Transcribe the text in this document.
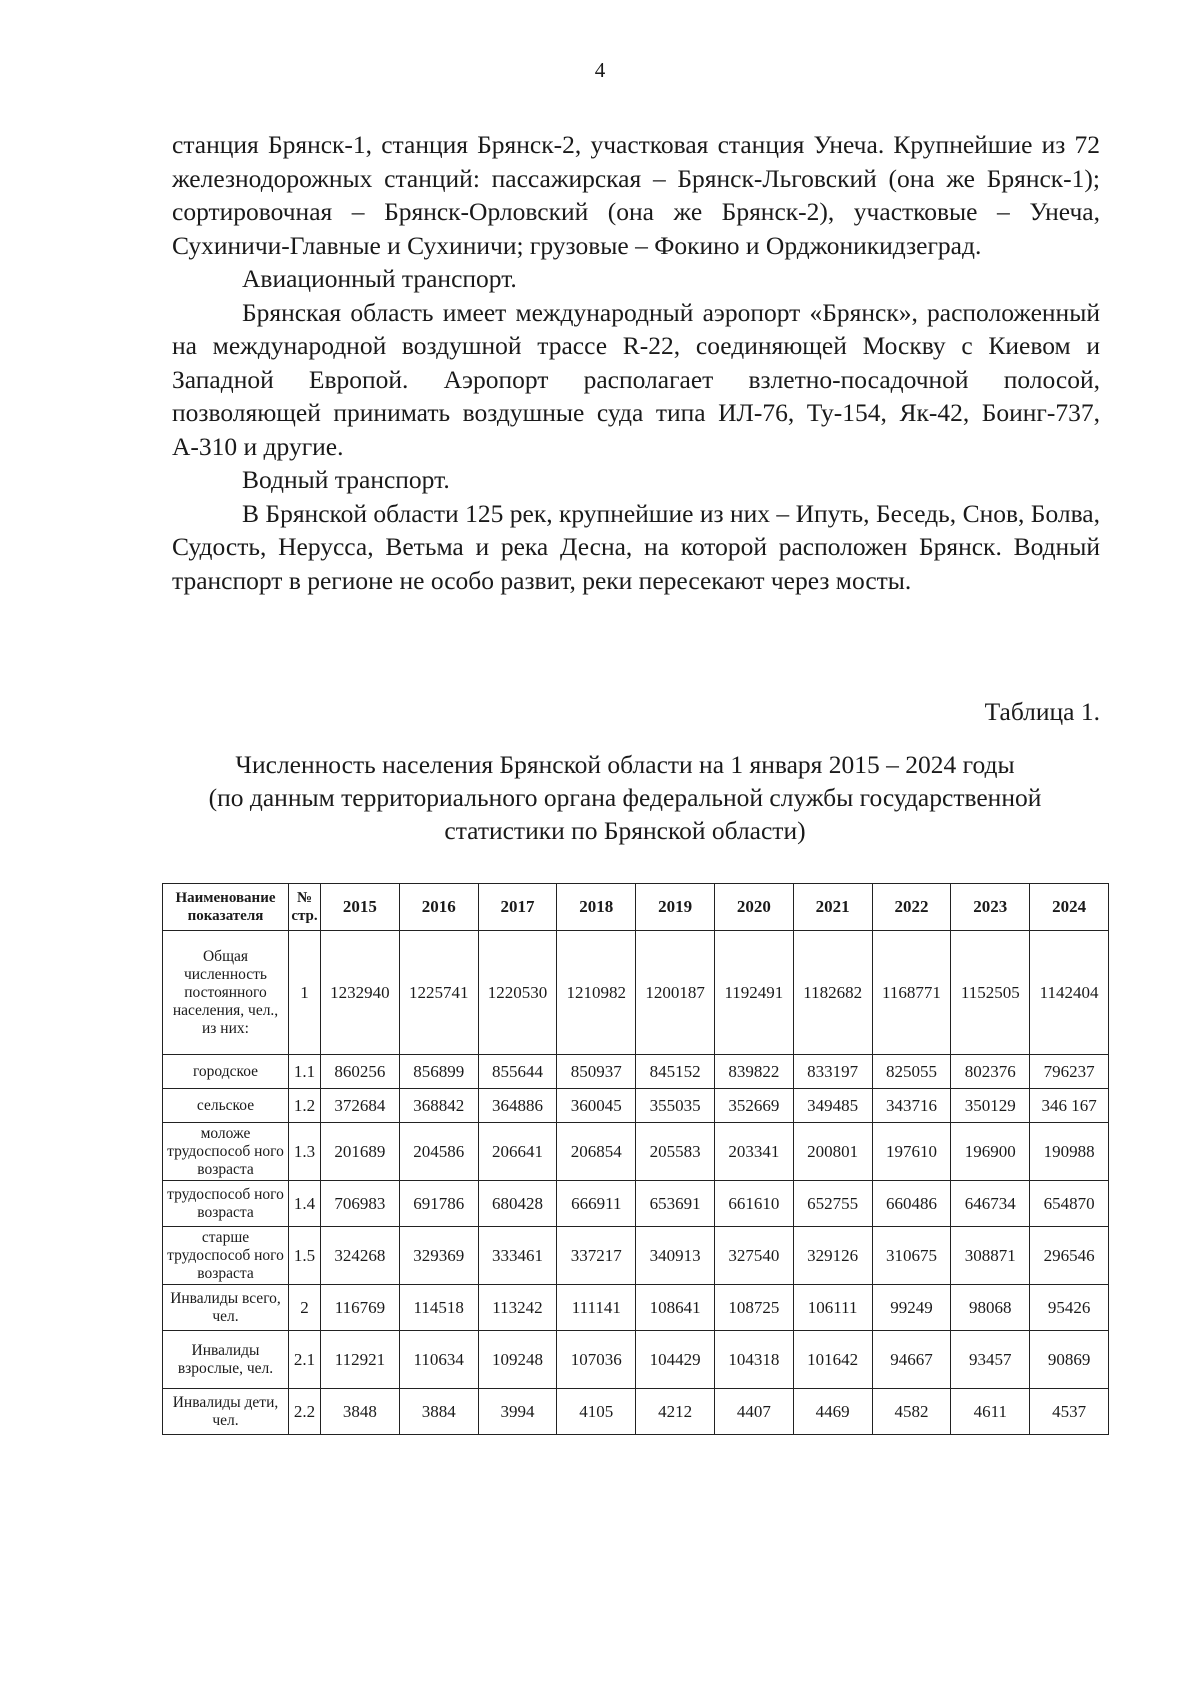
4

станция Брянск-1, станция Брянск-2, участковая станция Унеча. Крупнейшие из 72 железнодорожных станций: пассажирская – Брянск-Льговский (она же Брянск-1); сортировочная – Брянск-Орловский (она же Брянск-2), участковые – Унеча, Сухиничи-Главные и Сухиничи; грузовые – Фокино и Орджоникидзеград.

Авиационный транспорт.

Брянская область имеет международный аэропорт «Брянск», расположенный на международной воздушной трассе R-22, соединяющей Москву с Киевом и Западной Европой. Аэропорт располагает взлетно-посадочной полосой, позволяющей принимать воздушные суда типа ИЛ-76, Ту-154, Як-42, Боинг-737, А-310 и другие.

Водный транспорт.

В Брянской области 125 рек, крупнейшие из них – Ипуть, Беседь, Снов, Болва, Судость, Нерусса, Ветьма и река Десна, на которой расположен Брянск. Водный транспорт в регионе не особо развит, реки пересекают через мосты.

Таблица 1.
Численность населения Брянской области на 1 января 2015 – 2024 годы
(по данным территориального органа федеральной службы государственной статистики по Брянской области)
Наименование показателя	№ стр.	2015	2016	2017	2018	2019	2020	2021	2022	2023	2024
Общая численность постоянного населения, чел., из них:	1	1232940	1225741	1220530	1210982	1200187	1192491	1182682	1168771	1152505	1142404
городское	1.1	860256	856899	855644	850937	845152	839822	833197	825055	802376	796237
сельское	1.2	372684	368842	364886	360045	355035	352669	349485	343716	350129	346 167
моложе трудоспособ ного возраста	1.3	201689	204586	206641	206854	205583	203341	200801	197610	196900	190988
трудоспособ ного возраста	1.4	706983	691786	680428	666911	653691	661610	652755	660486	646734	654870
старше трудоспособ ного возраста	1.5	324268	329369	333461	337217	340913	327540	329126	310675	308871	296546
Инвалиды всего, чел.	2	116769	114518	113242	111141	108641	108725	106111	99249	98068	95426
Инвалиды взрослые, чел.	2.1	112921	110634	109248	107036	104429	104318	101642	94667	93457	90869
Инвалиды дети, чел.	2.2	3848	3884	3994	4105	4212	4407	4469	4582	4611	4537
